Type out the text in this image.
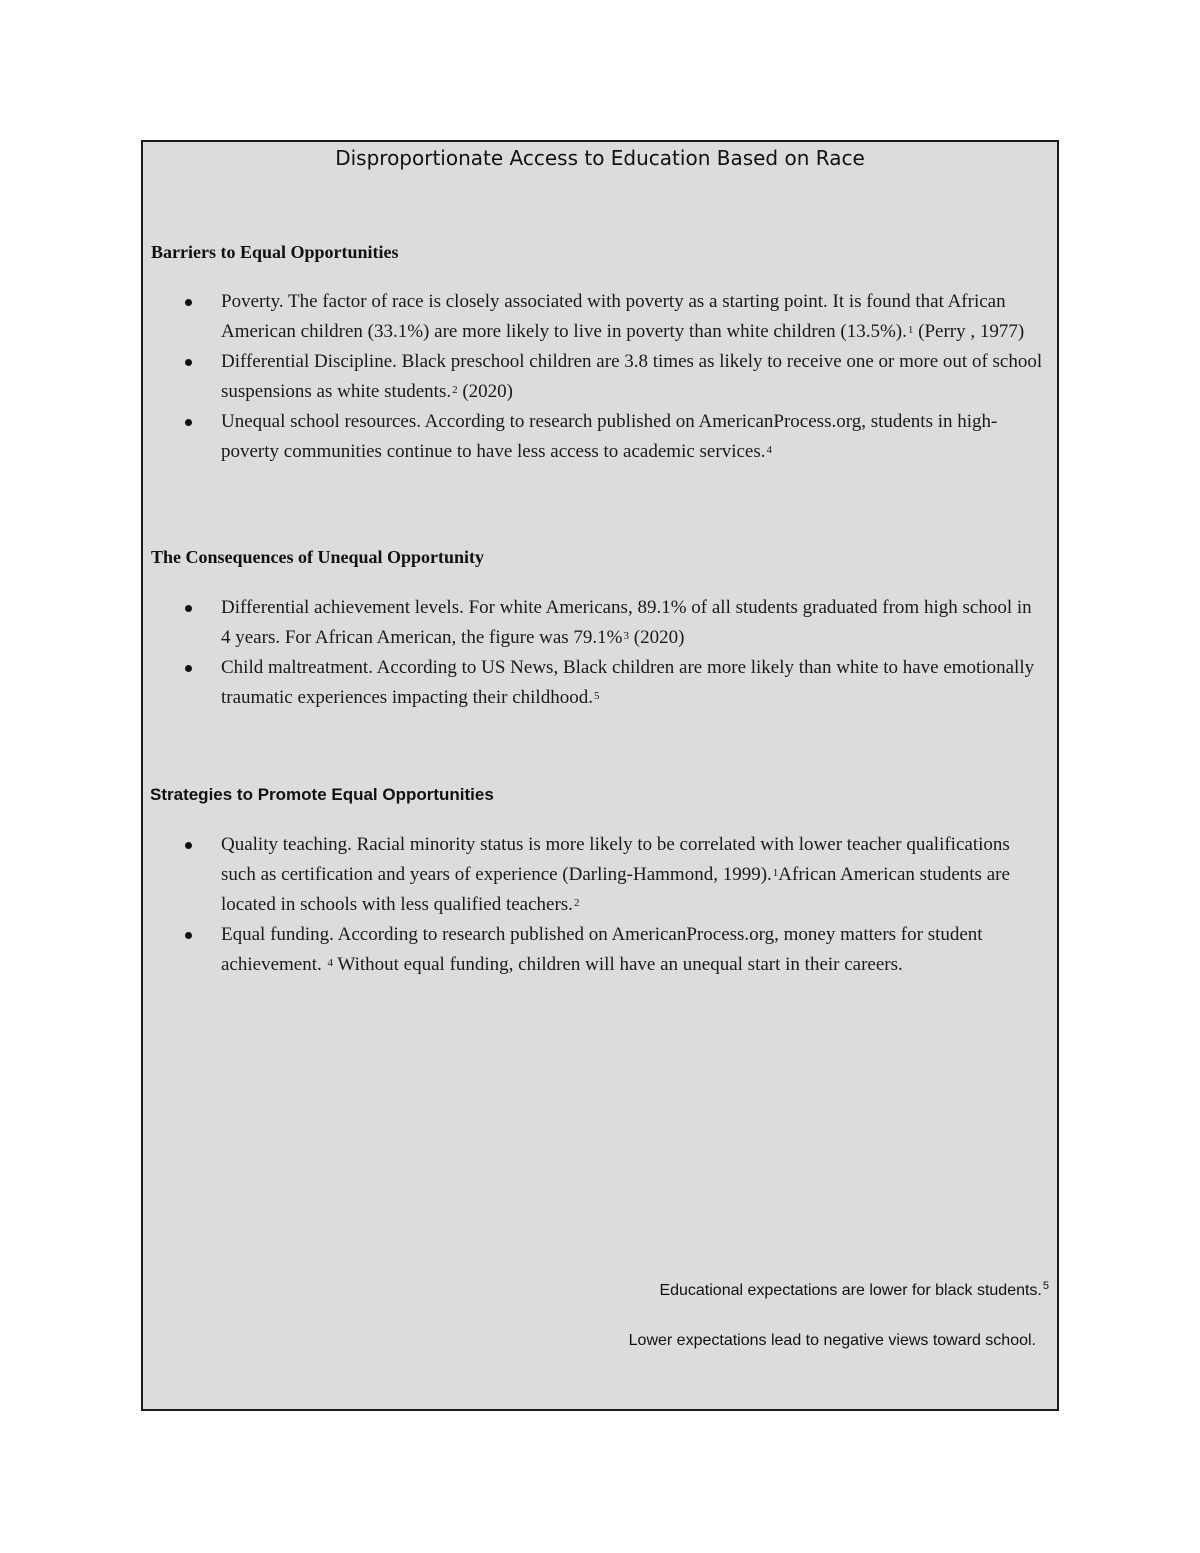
Disproportionate Access to Education Based on Race
Barriers to Equal Opportunities
Poverty. The factor of race is closely associated with poverty as a starting point. It is found that African American children (33.1%) are more likely to live in poverty than white children (13.5%).$^1$ (Perry , 1977)
Differential Discipline. Black preschool children are 3.8 times as likely to receive one or more out of school suspensions as white students.$^2$ (2020)
Unequal school resources. According to research published on AmericanProcess.org, students in high-poverty communities continue to have less access to academic services.$^4$
The Consequences of Unequal Opportunity
Differential achievement levels. For white Americans, 89.1% of all students graduated from high school in 4 years. For African American, the figure was 79.1%$^3$ (2020)
Child maltreatment. According to US News, Black children are more likely than white to have emotionally traumatic experiences impacting their childhood.$^5$
Strategies to Promote Equal Opportunities
Quality teaching. Racial minority status is more likely to be correlated with lower teacher qualifications such as certification and years of experience (Darling-Hammond, 1999).$^1$African American students are located in schools with less qualified teachers.$^2$
Equal funding. According to research published on AmericanProcess.org, money matters for student achievement. $^4$ Without equal funding, children will have an unequal start in their careers.
Educational expectations are lower for black students.$^5$
Lower expectations lead to negative views toward school.
